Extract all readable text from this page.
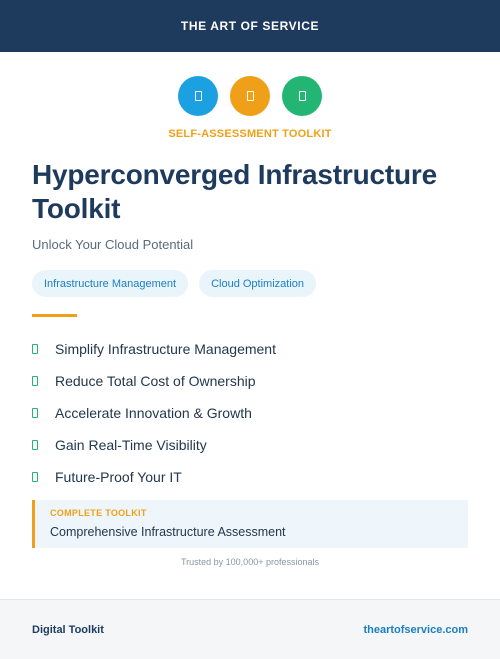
THE ART OF SERVICE
SELF-ASSESSMENT TOOLKIT
Hyperconverged Infrastructure Toolkit
Unlock Your Cloud Potential
Infrastructure Management	Cloud Optimization
Simplify Infrastructure Management
Reduce Total Cost of Ownership
Accelerate Innovation & Growth
Gain Real-Time Visibility
Future-Proof Your IT
COMPLETE TOOLKIT
Comprehensive Infrastructure Assessment
Trusted by 100,000+ professionals
Digital Toolkit	theartofservice.com
